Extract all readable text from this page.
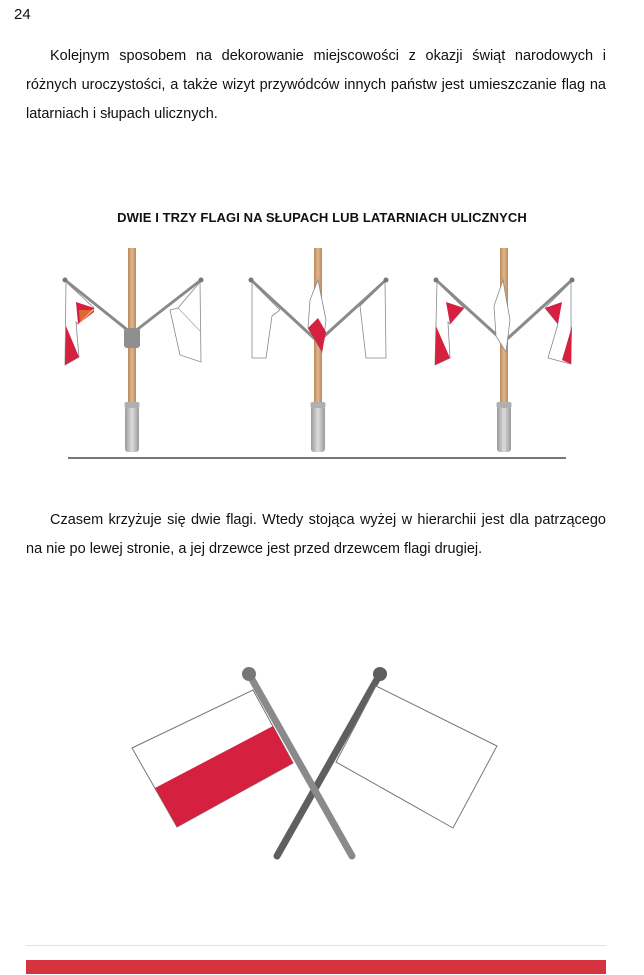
24

Kolejnym sposobem na dekorowanie miejscowości z okazji świąt narodowych i różnych uroczystości, a także wizyt przywódców innych państw jest umieszczanie flag na latarniach i słupach ulicznych.

DWIE I TRZY FLAGI NA SŁUPACH LUB LATARNIACH ULICZNYCH

Czasem krzyżuje się dwie flagi. Wtedy stojąca wyżej w hierarchii jest dla patrzącego na nie po lewej stronie, a jej drzewce jest przed drzewcem flagi drugiej.
